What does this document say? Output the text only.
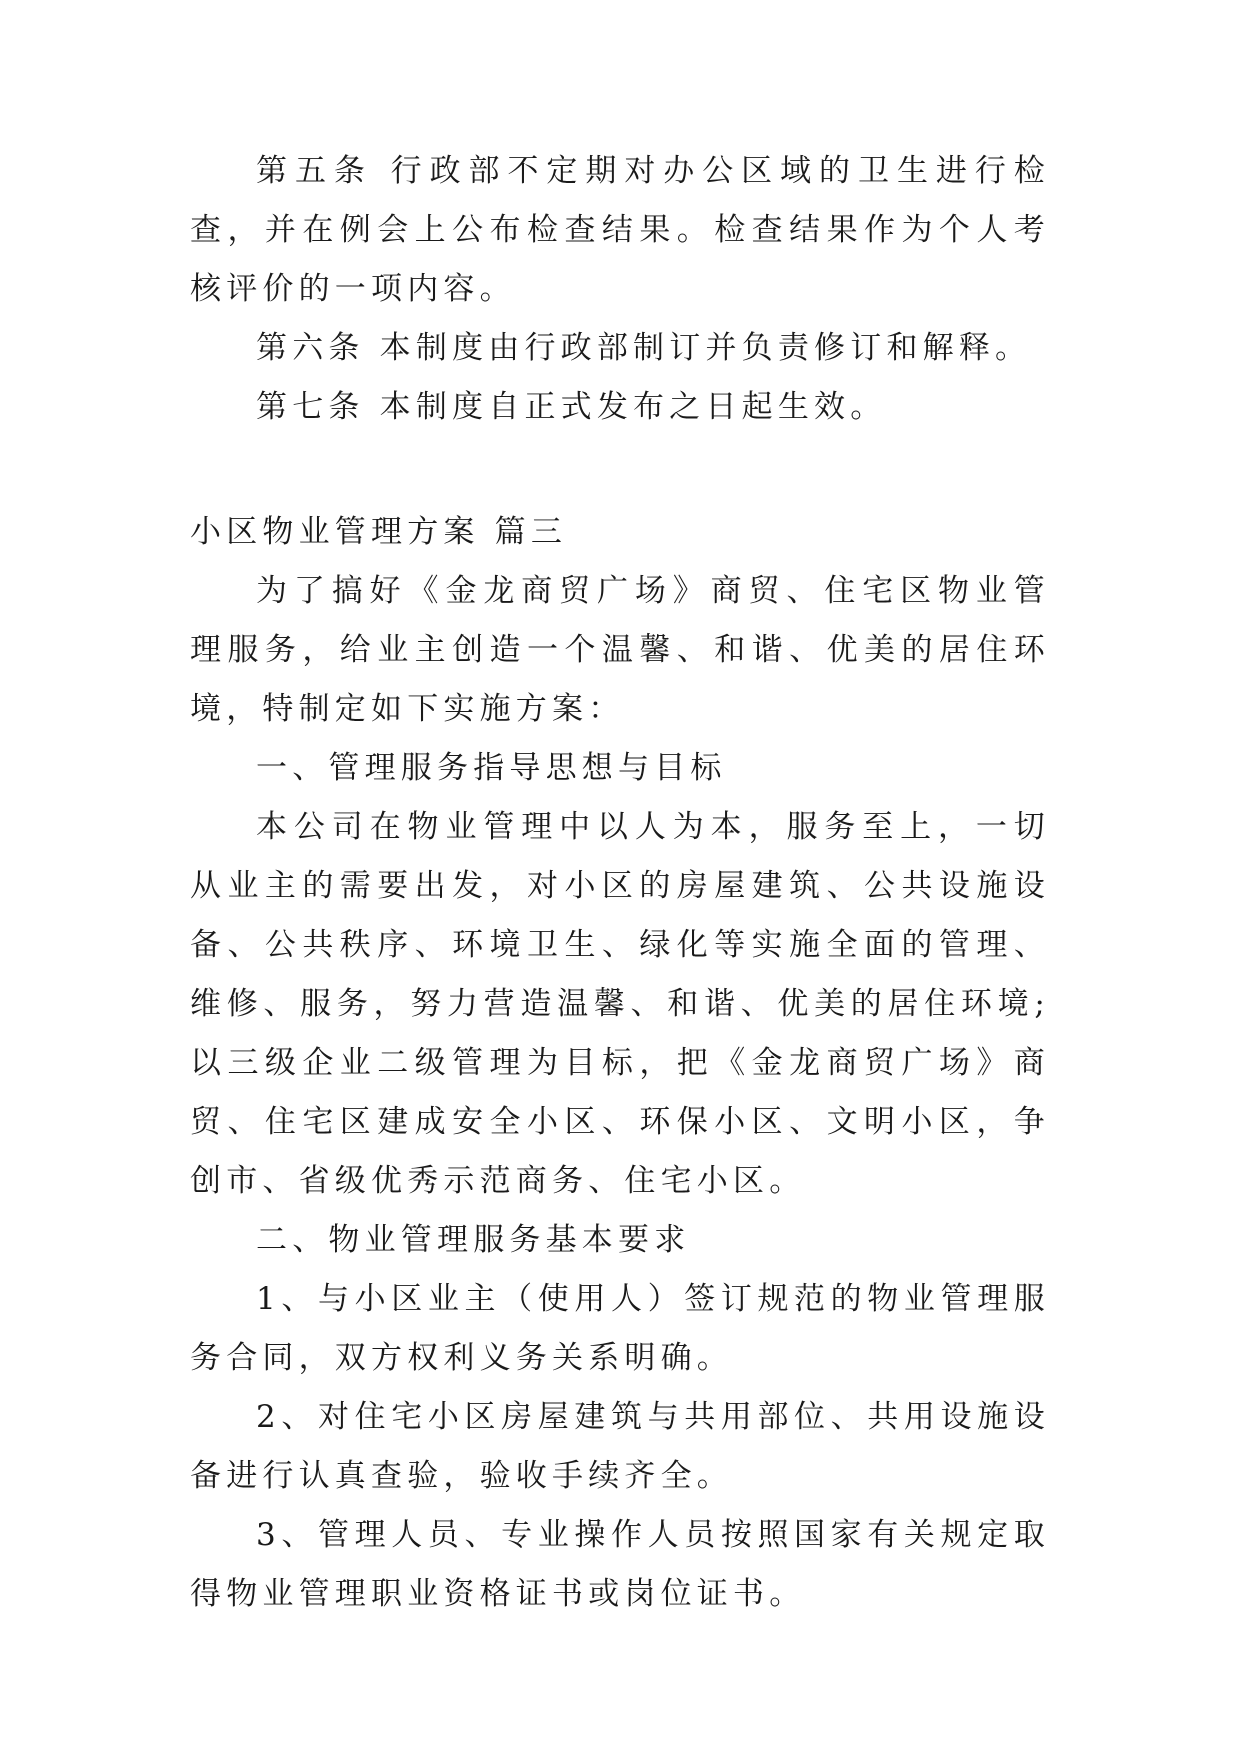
第五条 行政部不定期对办公区域的卫生进行检查，并在例会上公布检查结果。检查结果作为个人考核评价的一项内容。

第六条 本制度由行政部制订并负责修订和解释。

第七条 本制度自正式发布之日起生效。

小区物业管理方案 篇三

为了搞好《金龙商贸广场》商贸、住宅区物业管理服务，给业主创造一个温馨、和谐、优美的居住环境，特制定如下实施方案：

一、管理服务指导思想与目标

本公司在物业管理中以人为本，服务至上，一切从业主的需要出发，对小区的房屋建筑、公共设施设备、公共秩序、环境卫生、绿化等实施全面的管理、维修、服务，努力营造温馨、和谐、优美的居住环境;以三级企业二级管理为目标，把《金龙商贸广场》商贸、住宅区建成安全小区、环保小区、文明小区，争创市、省级优秀示范商务、住宅小区。

二、物业管理服务基本要求

1、与小区业主（使用人）签订规范的物业管理服务合同，双方权利义务关系明确。

2、对住宅小区房屋建筑与共用部位、共用设施设备进行认真查验，验收手续齐全。

3、管理人员、专业操作人员按照国家有关规定取得物业管理职业资格证书或岗位证书。
